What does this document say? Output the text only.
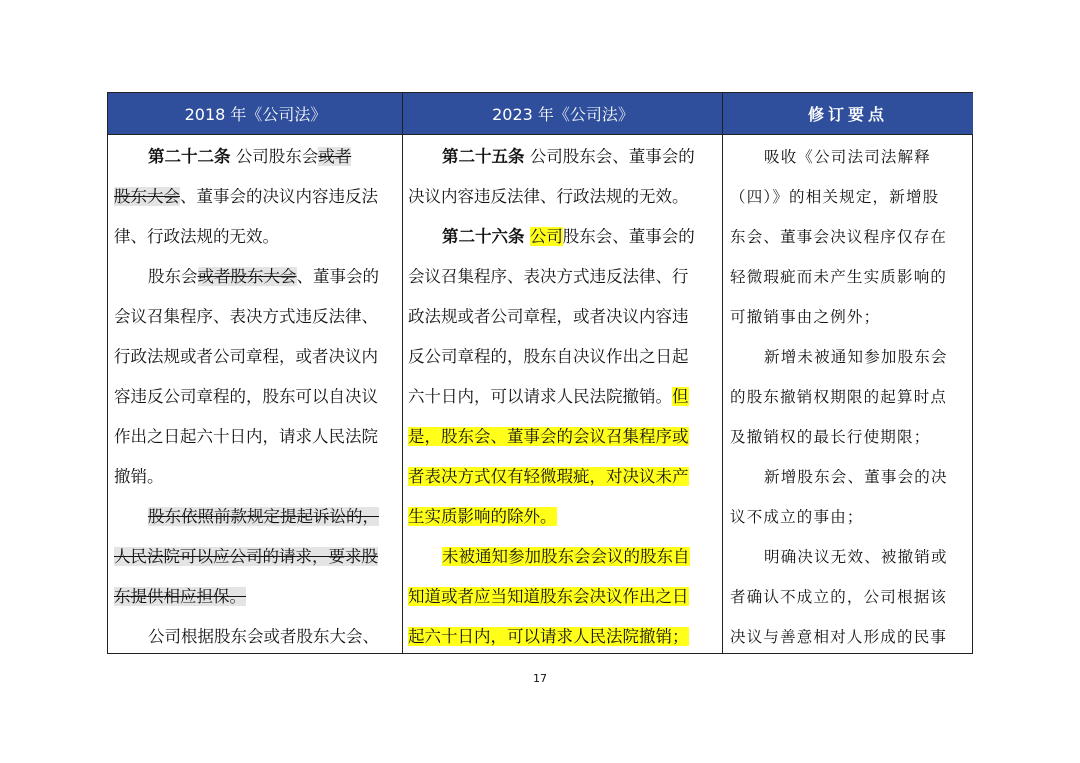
2018 年《公司法》	2023 年《公司法》	修订要点
第二十二条 公司股东会或者
股东大会、董事会的决议内容违反法
律、行政法规的无效。
股东会或者股东大会、董事会的
会议召集程序、表决方式违反法律、
行政法规或者公司章程，或者决议内
容违反公司章程的，股东可以自决议
作出之日起六十日内，请求人民法院
撤销。
股东依照前款规定提起诉讼的，
人民法院可以应公司的请求，要求股
东提供相应担保。
公司根据股东会或者股东大会、
第二十五条 公司股东会、董事会的
决议内容违反法律、行政法规的无效。
第二十六条 公司股东会、董事会的
会议召集程序、表决方式违反法律、行
政法规或者公司章程，或者决议内容违
反公司章程的，股东自决议作出之日起
六十日内，可以请求人民法院撤销。但
是，股东会、董事会的会议召集程序或
者表决方式仅有轻微瑕疵，对决议未产
生实质影响的除外。
未被通知参加股东会会议的股东自
知道或者应当知道股东会决议作出之日
起六十日内，可以请求人民法院撤销；
吸收《公司法司法解释
（四）》的相关规定，新增股
东会、董事会决议程序仅存在
轻微瑕疵而未产生实质影响的
可撤销事由之例外；
新增未被通知参加股东会
的股东撤销权期限的起算时点
及撤销权的最长行使期限；
新增股东会、董事会的决
议不成立的事由；
明确决议无效、被撤销或
者确认不成立的，公司根据该
决议与善意相对人形成的民事
17
